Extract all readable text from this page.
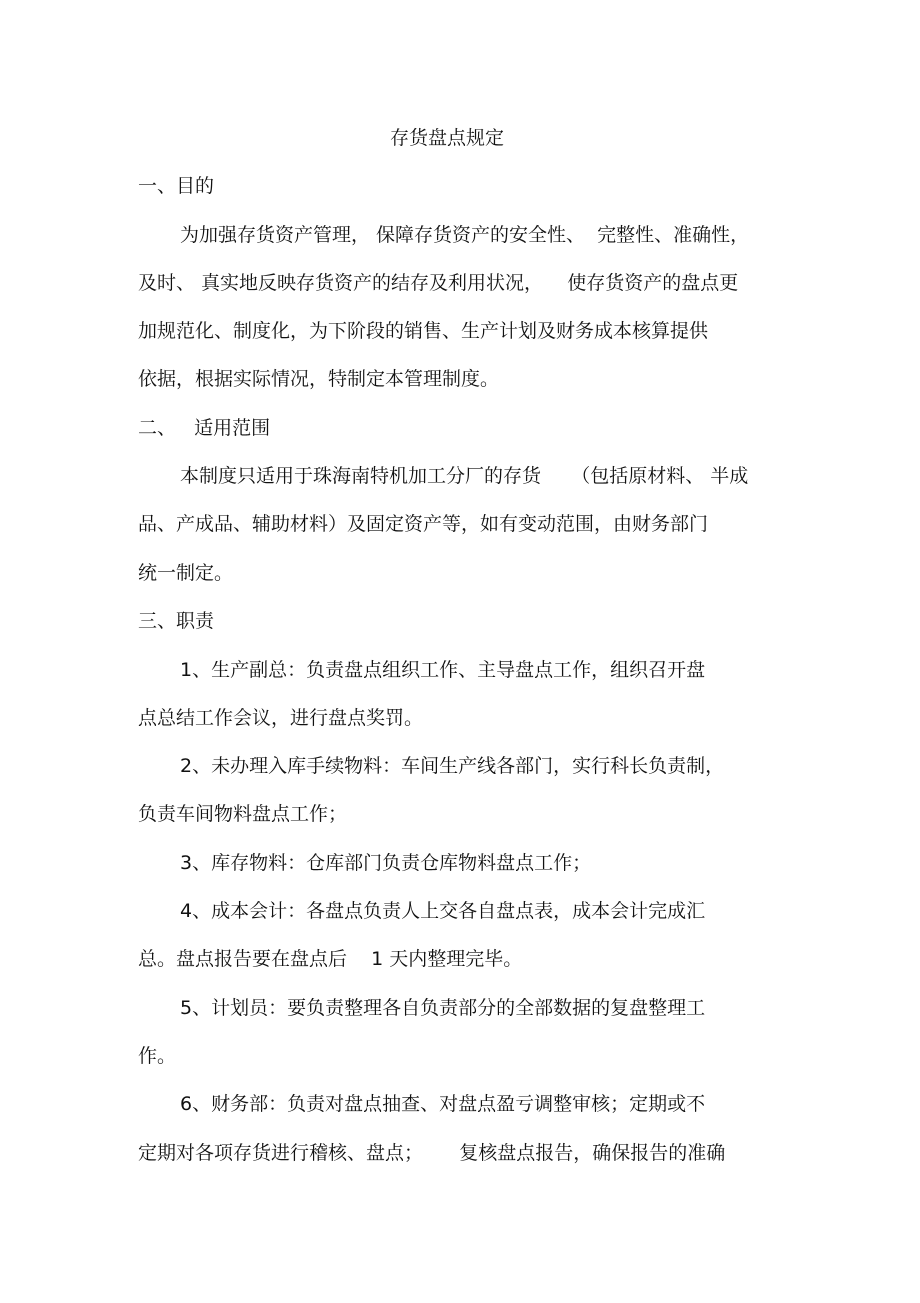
存货盘点规定
一、目的
为加强存货资产管理， 保障存货资产的安全性、  完整性、准确性，
及时、 真实地反映存货资产的结存及利用状况，    使存货资产的盘点更
加规范化、制度化，为下阶段的销售、生产计划及财务成本核算提供
依据，根据实际情况，特制定本管理制度。
二、   适用范围
本制度只适用于珠海南特机加工分厂的存货     （包括原材料、 半成
品、产成品、辅助材料）及固定资产等，如有变动范围，由财务部门
统一制定。
三、职责
1、生产副总：负责盘点组织工作、主导盘点工作，组织召开盘
点总结工作会议，进行盘点奖罚。
2、未办理入库手续物料：车间生产线各部门，实行科长负责制，
负责车间物料盘点工作；
3、库存物料：仓库部门负责仓库物料盘点工作；
4、成本会计：各盘点负责人上交各自盘点表，成本会计完成汇
总。盘点报告要在盘点后    1 天内整理完毕。
5、计划员：要负责整理各自负责部分的全部数据的复盘整理工
作。
6、财务部：负责对盘点抽查、对盘点盈亏调整审核；定期或不
定期对各项存货进行稽核、盘点；      复核盘点报告，确保报告的准确
